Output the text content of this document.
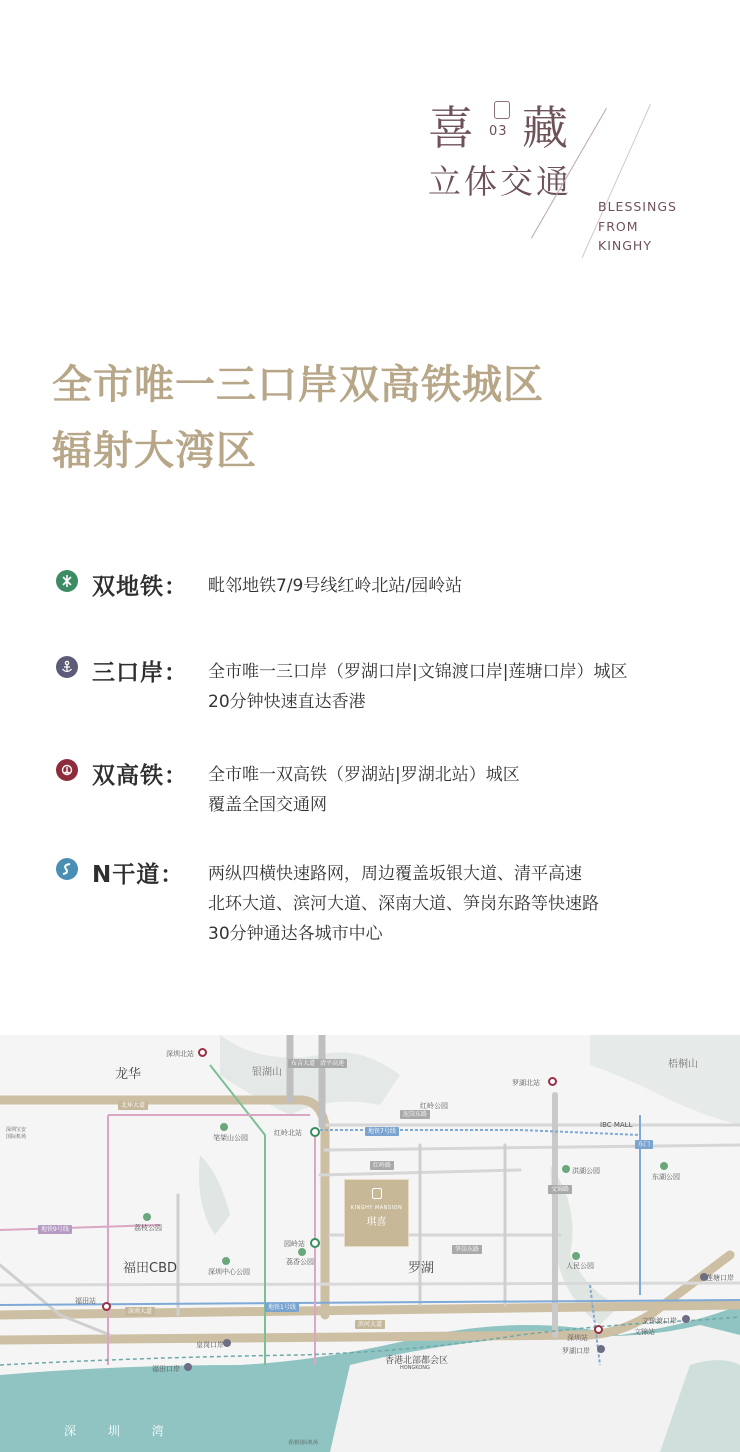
喜 03 藏
立体交通
BLESSINGS
FROM
KINGHY
全市唯一三口岸双高铁城区
辐射大湾区
双地铁： 毗邻地铁7/9号线红岭北站/园岭站
三口岸： 全市唯一三口岸（罗湖口岸|文锦渡口岸|莲塘口岸）城区
20分钟快速直达香港
双高铁： 全市唯一双高铁（罗湖站|罗湖北站）城区
覆盖全国交通网
N干道： 两纵四横快速路网，周边覆盖坂银大道、清平高速
北环大道、滨河大道、深南大道、笋岗东路等快速路
30分钟通达各城市中心
龙华
福田CBD	罗湖
银湖山
梧桐山
香港北部都会区
HONGKONG
深 圳 湾
深圳北站
罗湖北站
福田站
深圳站
红岭北站
园岭站
皇岗口岸
福田口岸
罗湖口岸
文锦渡口岸
莲塘口岸
文锦站
笔架山公园
荔枝公园
深圳中心公园
荔香公园
东湖公园
人民公园
洪湖公园
IBC MALL
红岭公园
北环大道
滨河大道
深南大道
笋岗东路
泥岗东路
红岭路
地铁7号线
地铁9号线
地铁1号线
布吉大道 清平高速
文锦路
东门
深圳宝安
国际机场
香港国际机场
KINGHY MANSION
琪喜
